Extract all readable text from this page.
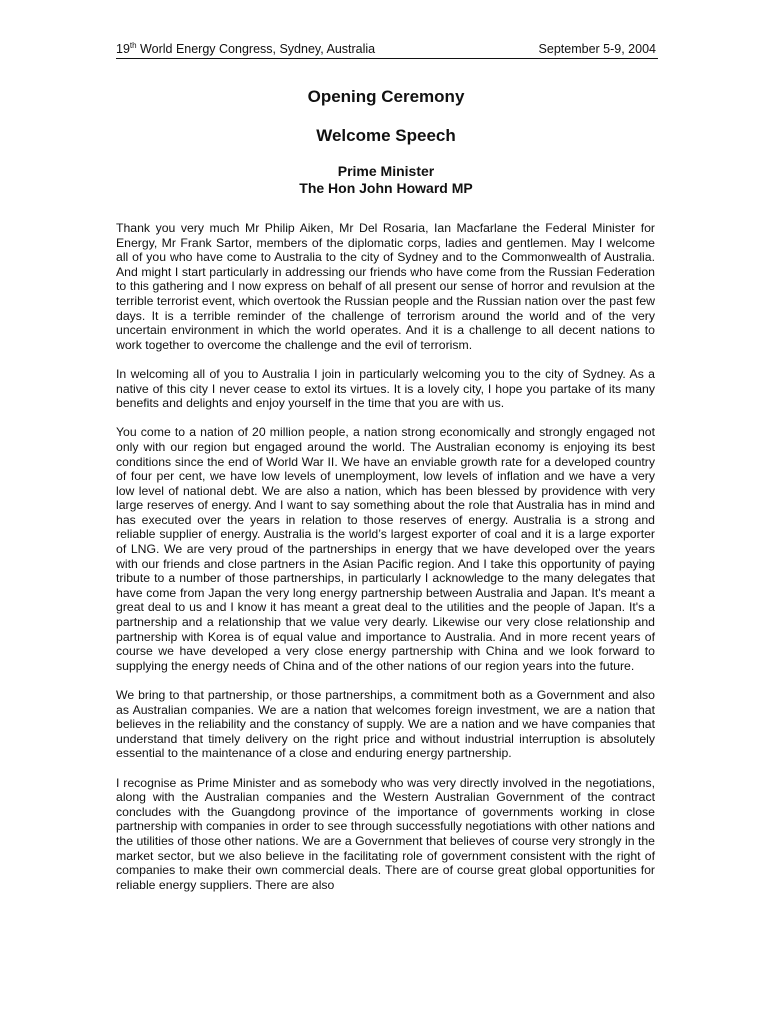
19th World Energy Congress, Sydney, Australia	September 5-9, 2004
Opening Ceremony
Welcome Speech
Prime Minister
The Hon John Howard MP

Thank you very much Mr Philip Aiken, Mr Del Rosaria, Ian Macfarlane the Federal Minister for Energy, Mr Frank Sartor, members of the diplomatic corps, ladies and gentlemen. May I welcome all of you who have come to Australia to the city of Sydney and to the Commonwealth of Australia. And might I start particularly in addressing our friends who have come from the Russian Federation to this gathering and I now express on behalf of all present our sense of horror and revulsion at the terrible terrorist event, which overtook the Russian people and the Russian nation over the past few days. It is a terrible reminder of the challenge of terrorism around the world and of the very uncertain environment in which the world operates. And it is a challenge to all decent nations to work together to overcome the challenge and the evil of terrorism.

In welcoming all of you to Australia I join in particularly welcoming you to the city of Sydney. As a native of this city I never cease to extol its virtues. It is a lovely city, I hope you partake of its many benefits and delights and enjoy yourself in the time that you are with us.

You come to a nation of 20 million people, a nation strong economically and strongly engaged not only with our region but engaged around the world. The Australian economy is enjoying its best conditions since the end of World War II. We have an enviable growth rate for a developed country of four per cent, we have low levels of unemployment, low levels of inflation and we have a very low level of national debt. We are also a nation, which has been blessed by providence with very large reserves of energy. And I want to say something about the role that Australia has in mind and has executed over the years in relation to those reserves of energy. Australia is a strong and reliable supplier of energy. Australia is the world’s largest exporter of coal and it is a large exporter of LNG. We are very proud of the partnerships in energy that we have developed over the years with our friends and close partners in the Asian Pacific region. And I take this opportunity of paying tribute to a number of those partnerships, in particularly I acknowledge to the many delegates that have come from Japan the very long energy partnership between Australia and Japan. It's meant a great deal to us and I know it has meant a great deal to the utilities and the people of Japan. It's a partnership and a relationship that we value very dearly. Likewise our very close relationship and partnership with Korea is of equal value and importance to Australia. And in more recent years of course we have developed a very close energy partnership with China and we look forward to supplying the energy needs of China and of the other nations of our region years into the future.

We bring to that partnership, or those partnerships, a commitment both as a Government and also as Australian companies. We are a nation that welcomes foreign investment, we are a nation that believes in the reliability and the constancy of supply. We are a nation and we have companies that understand that timely delivery on the right price and without industrial interruption is absolutely essential to the maintenance of a close and enduring energy partnership.

I recognise as Prime Minister and as somebody who was very directly involved in the negotiations, along with the Australian companies and the Western Australian Government of the contract concludes with the Guangdong province of the importance of governments working in close partnership with companies in order to see through successfully negotiations with other nations and the utilities of those other nations. We are a Government that believes of course very strongly in the market sector, but we also believe in the facilitating role of government consistent with the right of companies to make their own commercial deals. There are of course great global opportunities for reliable energy suppliers. There are also
